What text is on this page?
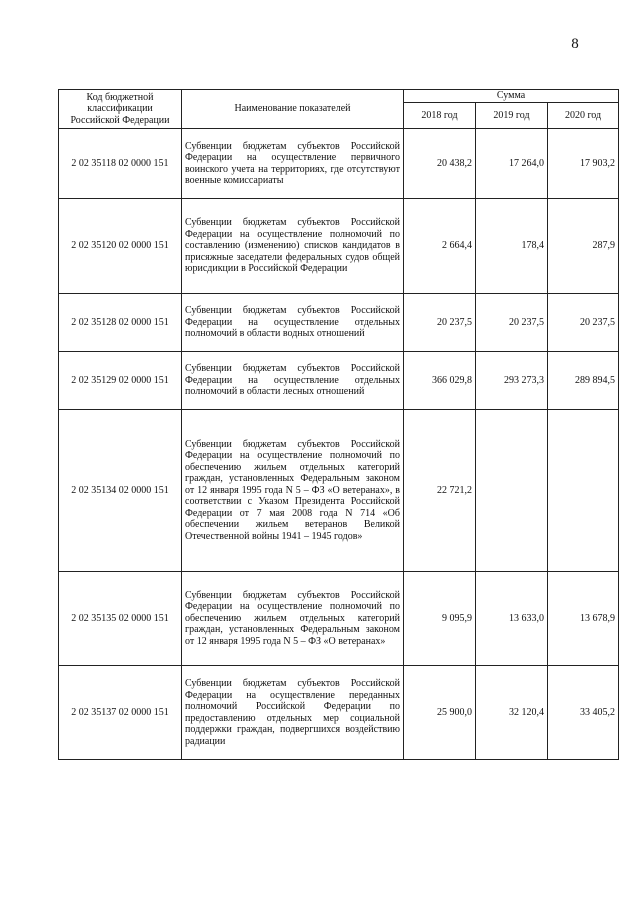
8
Код бюджетной классификации Российской Федерации	Наименование показателей	Сумма		
		2018 год	2019 год	2020 год
2 02 35118 02 0000 151	Субвенции бюджетам субъектов Российской Федерации на осуществление первичного воинского учета на территориях, где отсутствуют военные комиссариаты	20 438,2	17 264,0	17 903,2
2 02 35120 02 0000 151	Субвенции бюджетам субъектов Российской Федерации на осуществление полномочий по составлению (изменению) списков кандидатов в присяжные заседатели федеральных судов общей юрисдикции в Российской Федерации	2 664,4	178,4	287,9
2 02 35128 02 0000 151	Субвенции бюджетам субъектов Российской Федерации на осуществление отдельных полномочий в области водных отношений	20 237,5	20 237,5	20 237,5
2 02 35129 02 0000 151	Субвенции бюджетам субъектов Российской Федерации на осуществление отдельных полномочий в области лесных отношений	366 029,8	293 273,3	289 894,5
2 02 35134 02 0000 151	Субвенции бюджетам субъектов Российской Федерации на осуществление полномочий по обеспечению жильем отдельных категорий граждан, установленных Федеральным законом от 12 января 1995 года N 5 – ФЗ «О ветеранах», в соответствии с Указом Президента Российской Федерации от 7 мая 2008 года N 714 «Об обеспечении жильем ветеранов Великой Отечественной войны 1941 – 1945 годов»	22 721,2		
2 02 35135 02 0000 151	Субвенции бюджетам субъектов Российской Федерации на осуществление полномочий по обеспечению жильем отдельных категорий граждан, установленных Федеральным законом от 12 января 1995 года N 5 – ФЗ «О ветеранах»	9 095,9	13 633,0	13 678,9
2 02 35137 02 0000 151	Субвенции бюджетам субъектов Российской Федерации на осуществление переданных полномочий Российской Федерации по предоставлению отдельных мер социальной поддержки граждан, подвергшихся воздействию радиации	25 900,0	32 120,4	33 405,2
